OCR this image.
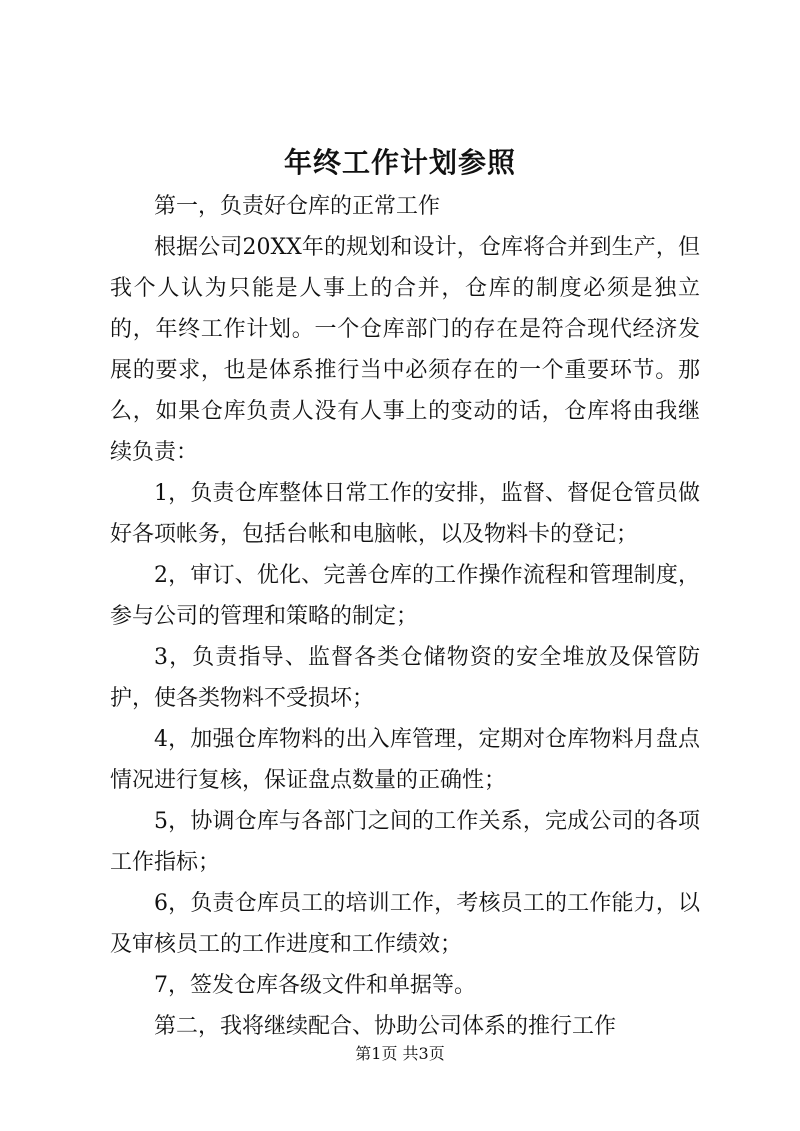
年终工作计划参照

第一，负责好仓库的正常工作

根据公司20XX年的规划和设计，仓库将合并到生产，但我个人认为只能是人事上的合并，仓库的制度必须是独立的，年终工作计划。一个仓库部门的存在是符合现代经济发展的要求，也是体系推行当中必须存在的一个重要环节。那么，如果仓库负责人没有人事上的变动的话，仓库将由我继续负责：

1，负责仓库整体日常工作的安排，监督、督促仓管员做好各项帐务，包括台帐和电脑帐，以及物料卡的登记；

2，审订、优化、完善仓库的工作操作流程和管理制度，参与公司的管理和策略的制定；

3，负责指导、监督各类仓储物资的安全堆放及保管防护，使各类物料不受损坏；

4，加强仓库物料的出入库管理，定期对仓库物料月盘点情况进行复核，保证盘点数量的正确性；

5，协调仓库与各部门之间的工作关系，完成公司的各项工作指标；

6，负责仓库员工的培训工作，考核员工的工作能力，以及审核员工的工作进度和工作绩效；

7，签发仓库各级文件和单据等。

第二，我将继续配合、协助公司体系的推行工作

第1页 共3页
